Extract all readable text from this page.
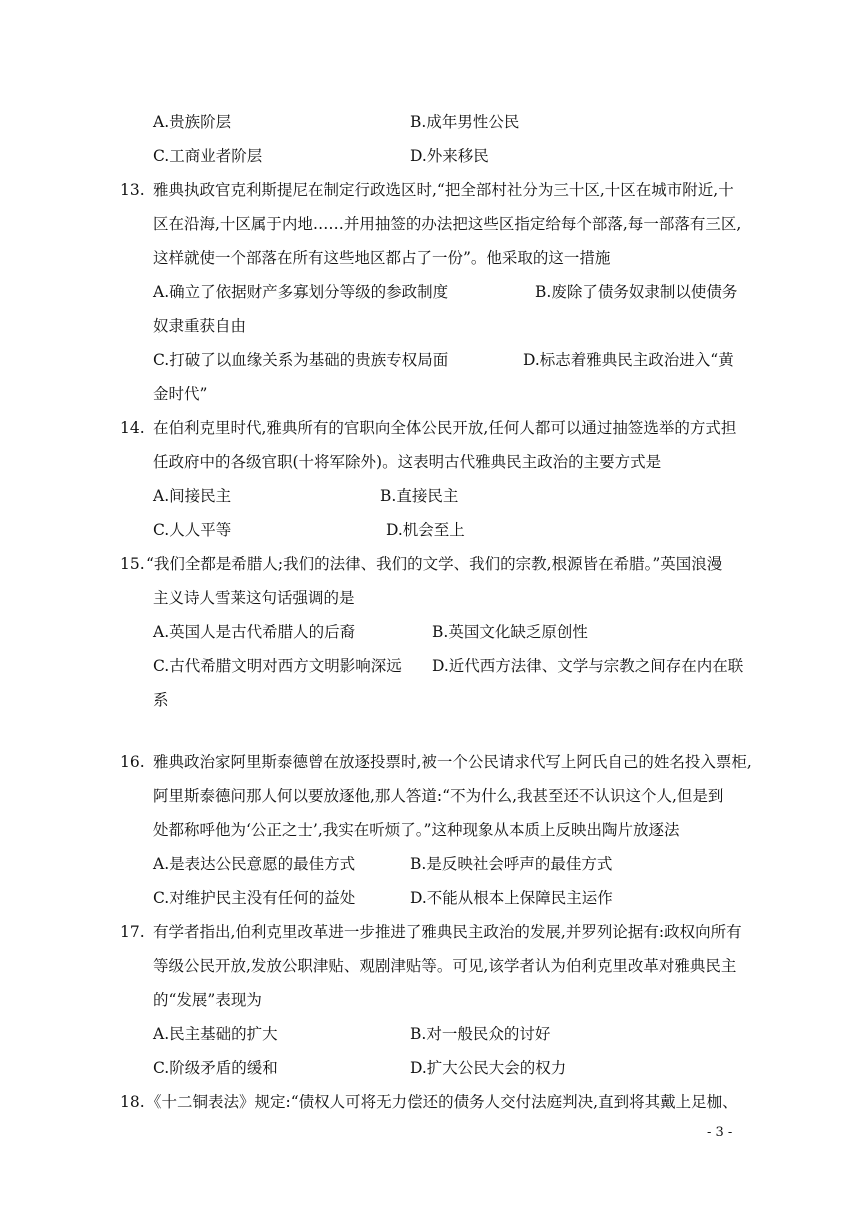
A.贵族阶层	B.成年男性公民
C.工商业者阶层	D.外来移民
13. 雅典执政官克利斯提尼在制定行政选区时,“把全部村社分为三十区,十区在城市附近,十
区在沿海,十区属于内地……并用抽签的办法把这些区指定给每个部落,每一部落有三区,
这样就使一个部落在所有这些地区都占了一份”。他采取的这一措施
A.确立了依据财产多寡划分等级的参政制度	B.废除了债务奴隶制以使债务
奴隶重获自由
C.打破了以血缘关系为基础的贵族专权局面	D.标志着雅典民主政治进入“黄
金时代”
14. 在伯利克里时代,雅典所有的官职向全体公民开放,任何人都可以通过抽签选举的方式担
任政府中的各级官职(十将军除外)。这表明古代雅典民主政治的主要方式是
A.间接民主	B.直接民主
C.人人平等	D.机会至上
15. “我们全都是希腊人;我们的法律、我们的文学、我们的宗教,根源皆在希腊。”英国浪漫
主义诗人雪莱这句话强调的是
A.英国人是古代希腊人的后裔	B.英国文化缺乏原创性
C.古代希腊文明对西方文明影响深远 D.近代西方法律、文学与宗教之间存在内在联
系
16. 雅典政治家阿里斯泰德曾在放逐投票时,被一个公民请求代写上阿氏自己的姓名投入票柜,
阿里斯泰德问那人何以要放逐他,那人答道:“不为什么,我甚至还不认识这个人,但是到
处都称呼他为‘公正之士’,我实在听烦了。”这种现象从本质上反映出陶片放逐法
A.是表达公民意愿的最佳方式	B.是反映社会呼声的最佳方式
C.对维护民主没有任何的益处	D.不能从根本上保障民主运作
17. 有学者指出,伯利克里改革进一步推进了雅典民主政治的发展,并罗列论据有:政权向所有
等级公民开放,发放公职津贴、观剧津贴等。可见,该学者认为伯利克里改革对雅典民主
的“发展”表现为
A.民主基础的扩大	B.对一般民众的讨好
C.阶级矛盾的缓和	D.扩大公民大会的权力
18. 《十二铜表法》规定:“债权人可将无力偿还的债务人交付法庭判决,直到将其戴上足枷、
- 3 -
